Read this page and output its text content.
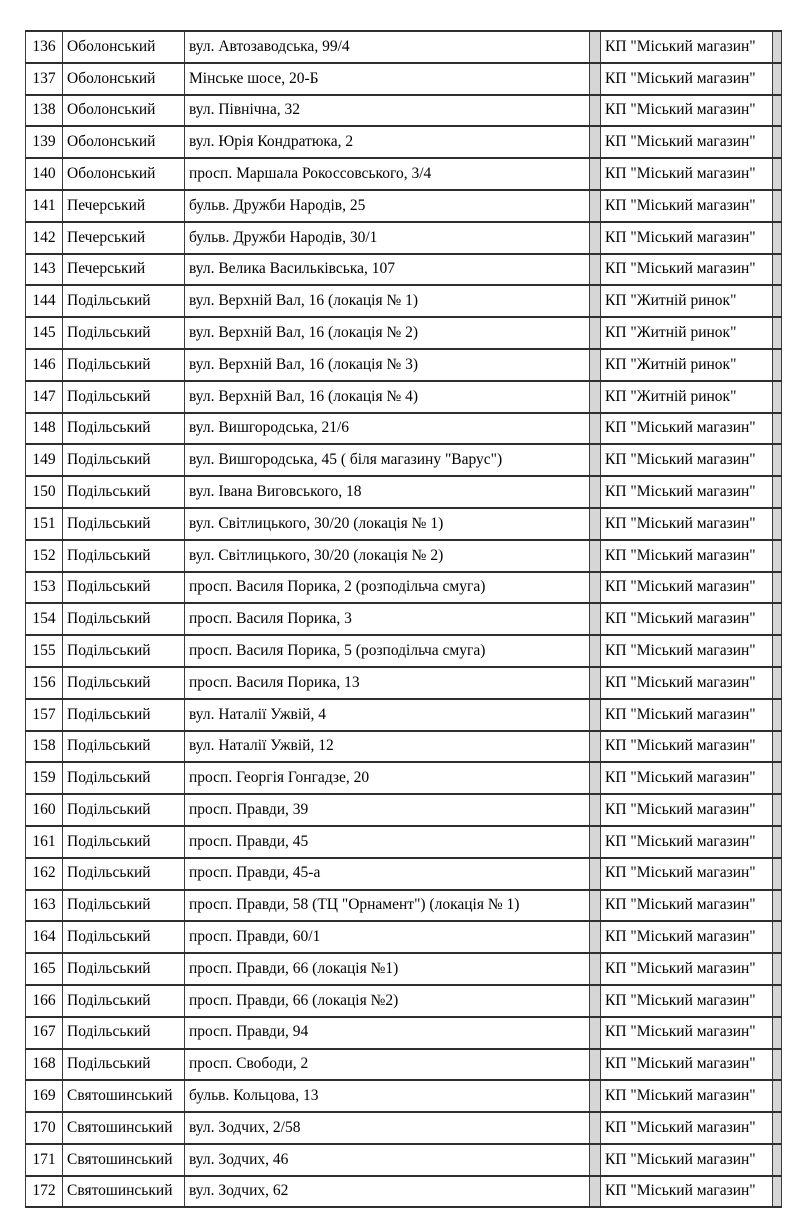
136	Оболонський	вул. Автозаводська, 99/4		КП "Міський магазин"	
137	Оболонський	Мінське шосе, 20-Б		КП "Міський магазин"	
138	Оболонський	вул. Північна, 32		КП "Міський магазин"	
139	Оболонський	вул. Юрія Кондратюка, 2		КП "Міський магазин"	
140	Оболонський	просп. Маршала Рокоссовського, 3/4		КП "Міський магазин"	
141	Печерський	бульв. Дружби Народів, 25		КП "Міський магазин"	
142	Печерський	бульв. Дружби Народів, 30/1		КП "Міський магазин"	
143	Печерський	вул. Велика Васильківська, 107		КП "Міський магазин"	
144	Подільський	вул. Верхній Вал, 16 (локація № 1)		КП "Житній ринок"	
145	Подільський	вул. Верхній Вал, 16 (локація № 2)		КП "Житній ринок"	
146	Подільський	вул. Верхній Вал, 16 (локація № 3)		КП "Житній ринок"	
147	Подільський	вул. Верхній Вал, 16 (локація № 4)		КП "Житній ринок"	
148	Подільський	вул. Вишгородська, 21/6		КП "Міський магазин"	
149	Подільський	вул. Вишгородська, 45 ( біля магазину "Варус")		КП "Міський магазин"	
150	Подільський	вул. Івана Виговського, 18		КП "Міський магазин"	
151	Подільський	вул. Світлицького, 30/20 (локація № 1)		КП "Міський магазин"	
152	Подільський	вул. Світлицького, 30/20 (локація № 2)		КП "Міський магазин"	
153	Подільський	просп. Василя Порика, 2 (розподільча смуга)		КП "Міський магазин"	
154	Подільський	просп. Василя Порика, 3		КП "Міський магазин"	
155	Подільський	просп. Василя Порика, 5 (розподільча смуга)		КП "Міський магазин"	
156	Подільський	просп. Василя Порика, 13		КП "Міський магазин"	
157	Подільський	вул. Наталії Ужвій, 4		КП "Міський магазин"	
158	Подільський	вул. Наталії Ужвій, 12		КП "Міський магазин"	
159	Подільський	просп. Георгія Гонгадзе, 20		КП "Міський магазин"	
160	Подільський	просп. Правди, 39		КП "Міський магазин"	
161	Подільський	просп. Правди, 45		КП "Міський магазин"	
162	Подільський	просп. Правди, 45-а		КП "Міський магазин"	
163	Подільський	просп. Правди, 58 (ТЦ "Орнамент") (локація № 1)		КП "Міський магазин"	
164	Подільський	просп. Правди, 60/1		КП "Міський магазин"	
165	Подільський	просп. Правди, 66 (локація №1)		КП "Міський магазин"	
166	Подільський	просп. Правди, 66 (локація №2)		КП "Міський магазин"	
167	Подільський	просп. Правди, 94		КП "Міський магазин"	
168	Подільський	просп. Свободи, 2		КП "Міський магазин"	
169	Святошинський	бульв. Кольцова, 13		КП "Міський магазин"	
170	Святошинський	вул. Зодчих, 2/58		КП "Міський магазин"	
171	Святошинський	вул. Зодчих, 46		КП "Міський магазин"	
172	Святошинський	вул. Зодчих, 62		КП "Міський магазин"	
